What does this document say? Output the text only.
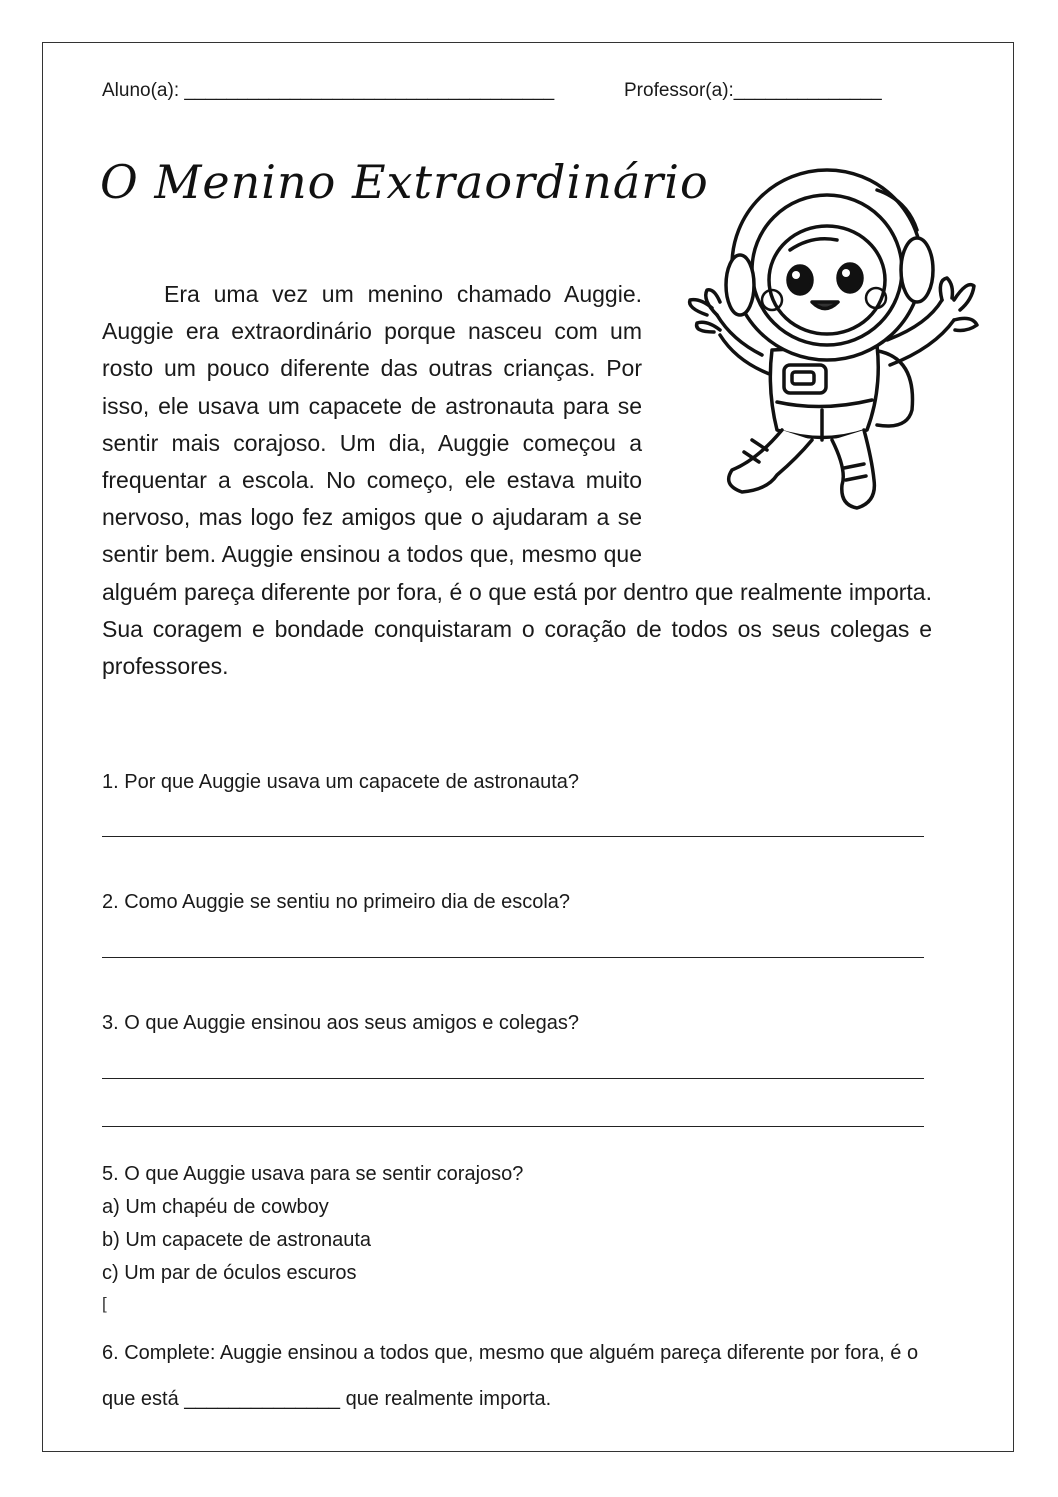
Aluno(a): ___________________________________	Professor(a):______________
O Menino Extraordinário

Era uma vez um menino chamado Auggie. Auggie era extraordinário porque nasceu com um rosto um pouco diferente das outras crianças. Por isso, ele usava um capacete de astronauta para se sentir mais corajoso. Um dia, Auggie começou a frequentar a escola. No começo, ele estava muito nervoso, mas logo fez amigos que o ajudaram a se sentir bem. Auggie ensinou a todos que, mesmo que alguém pareça diferente por fora, é o que está por dentro que realmente importa. Sua coragem e bondade conquistaram o coração de todos os seus colegas e professores.

1. Por que Auggie usava um capacete de astronauta?
2. Como Auggie se sentiu no primeiro dia de escola?
3. O que Auggie ensinou aos seus amigos e colegas?
5. O que Auggie usava para se sentir corajoso?
a) Um chapéu de cowboy
b) Um capacete de astronauta
c) Um par de óculos escuros
[
6. Complete: Auggie ensinou a todos que, mesmo que alguém pareça diferente por fora, é o que está ______________ que realmente importa.
